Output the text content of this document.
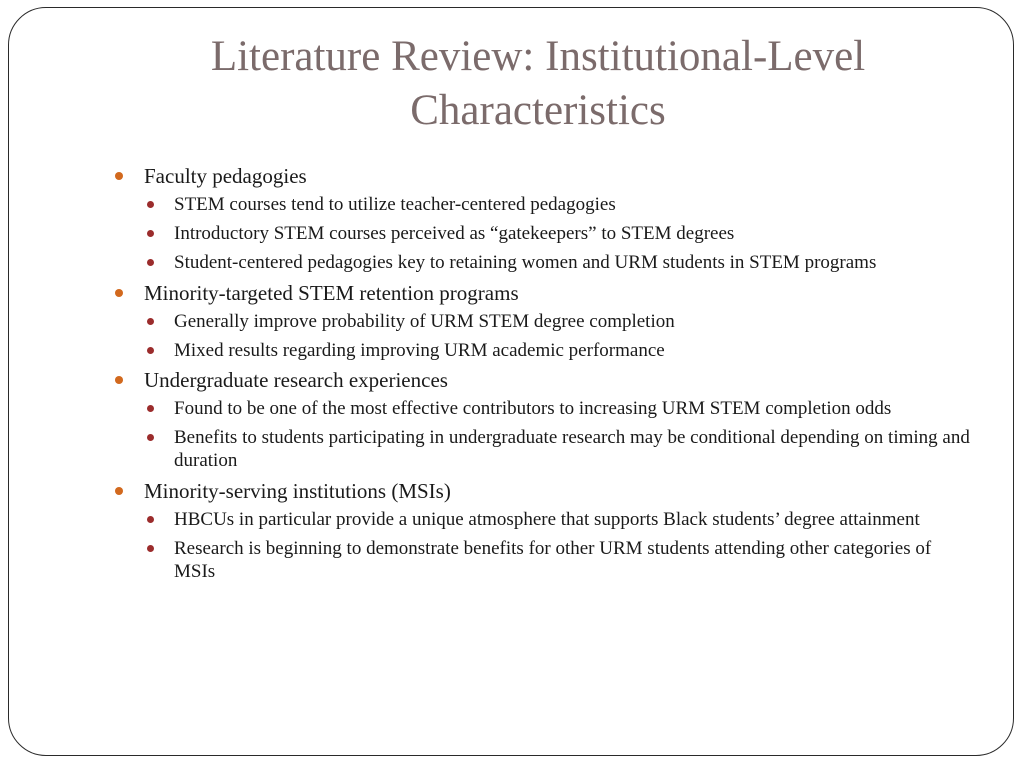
Literature Review: Institutional-Level
Characteristics
Faculty pedagogies
STEM courses tend to utilize teacher-centered pedagogies
Introductory STEM courses perceived as “gatekeepers” to STEM degrees
Student-centered pedagogies key to retaining women and URM students in STEM programs
Minority-targeted STEM retention programs
Generally improve probability of URM STEM degree completion
Mixed results regarding improving URM academic performance
Undergraduate research experiences
Found to be one of the most effective contributors to increasing URM STEM completion odds
Benefits to students participating in undergraduate research may be conditional depending on timing and duration
Minority-serving institutions (MSIs)
HBCUs in particular provide a unique atmosphere that supports Black students’ degree attainment
Research is beginning to demonstrate benefits for other URM students attending other categories of MSIs
